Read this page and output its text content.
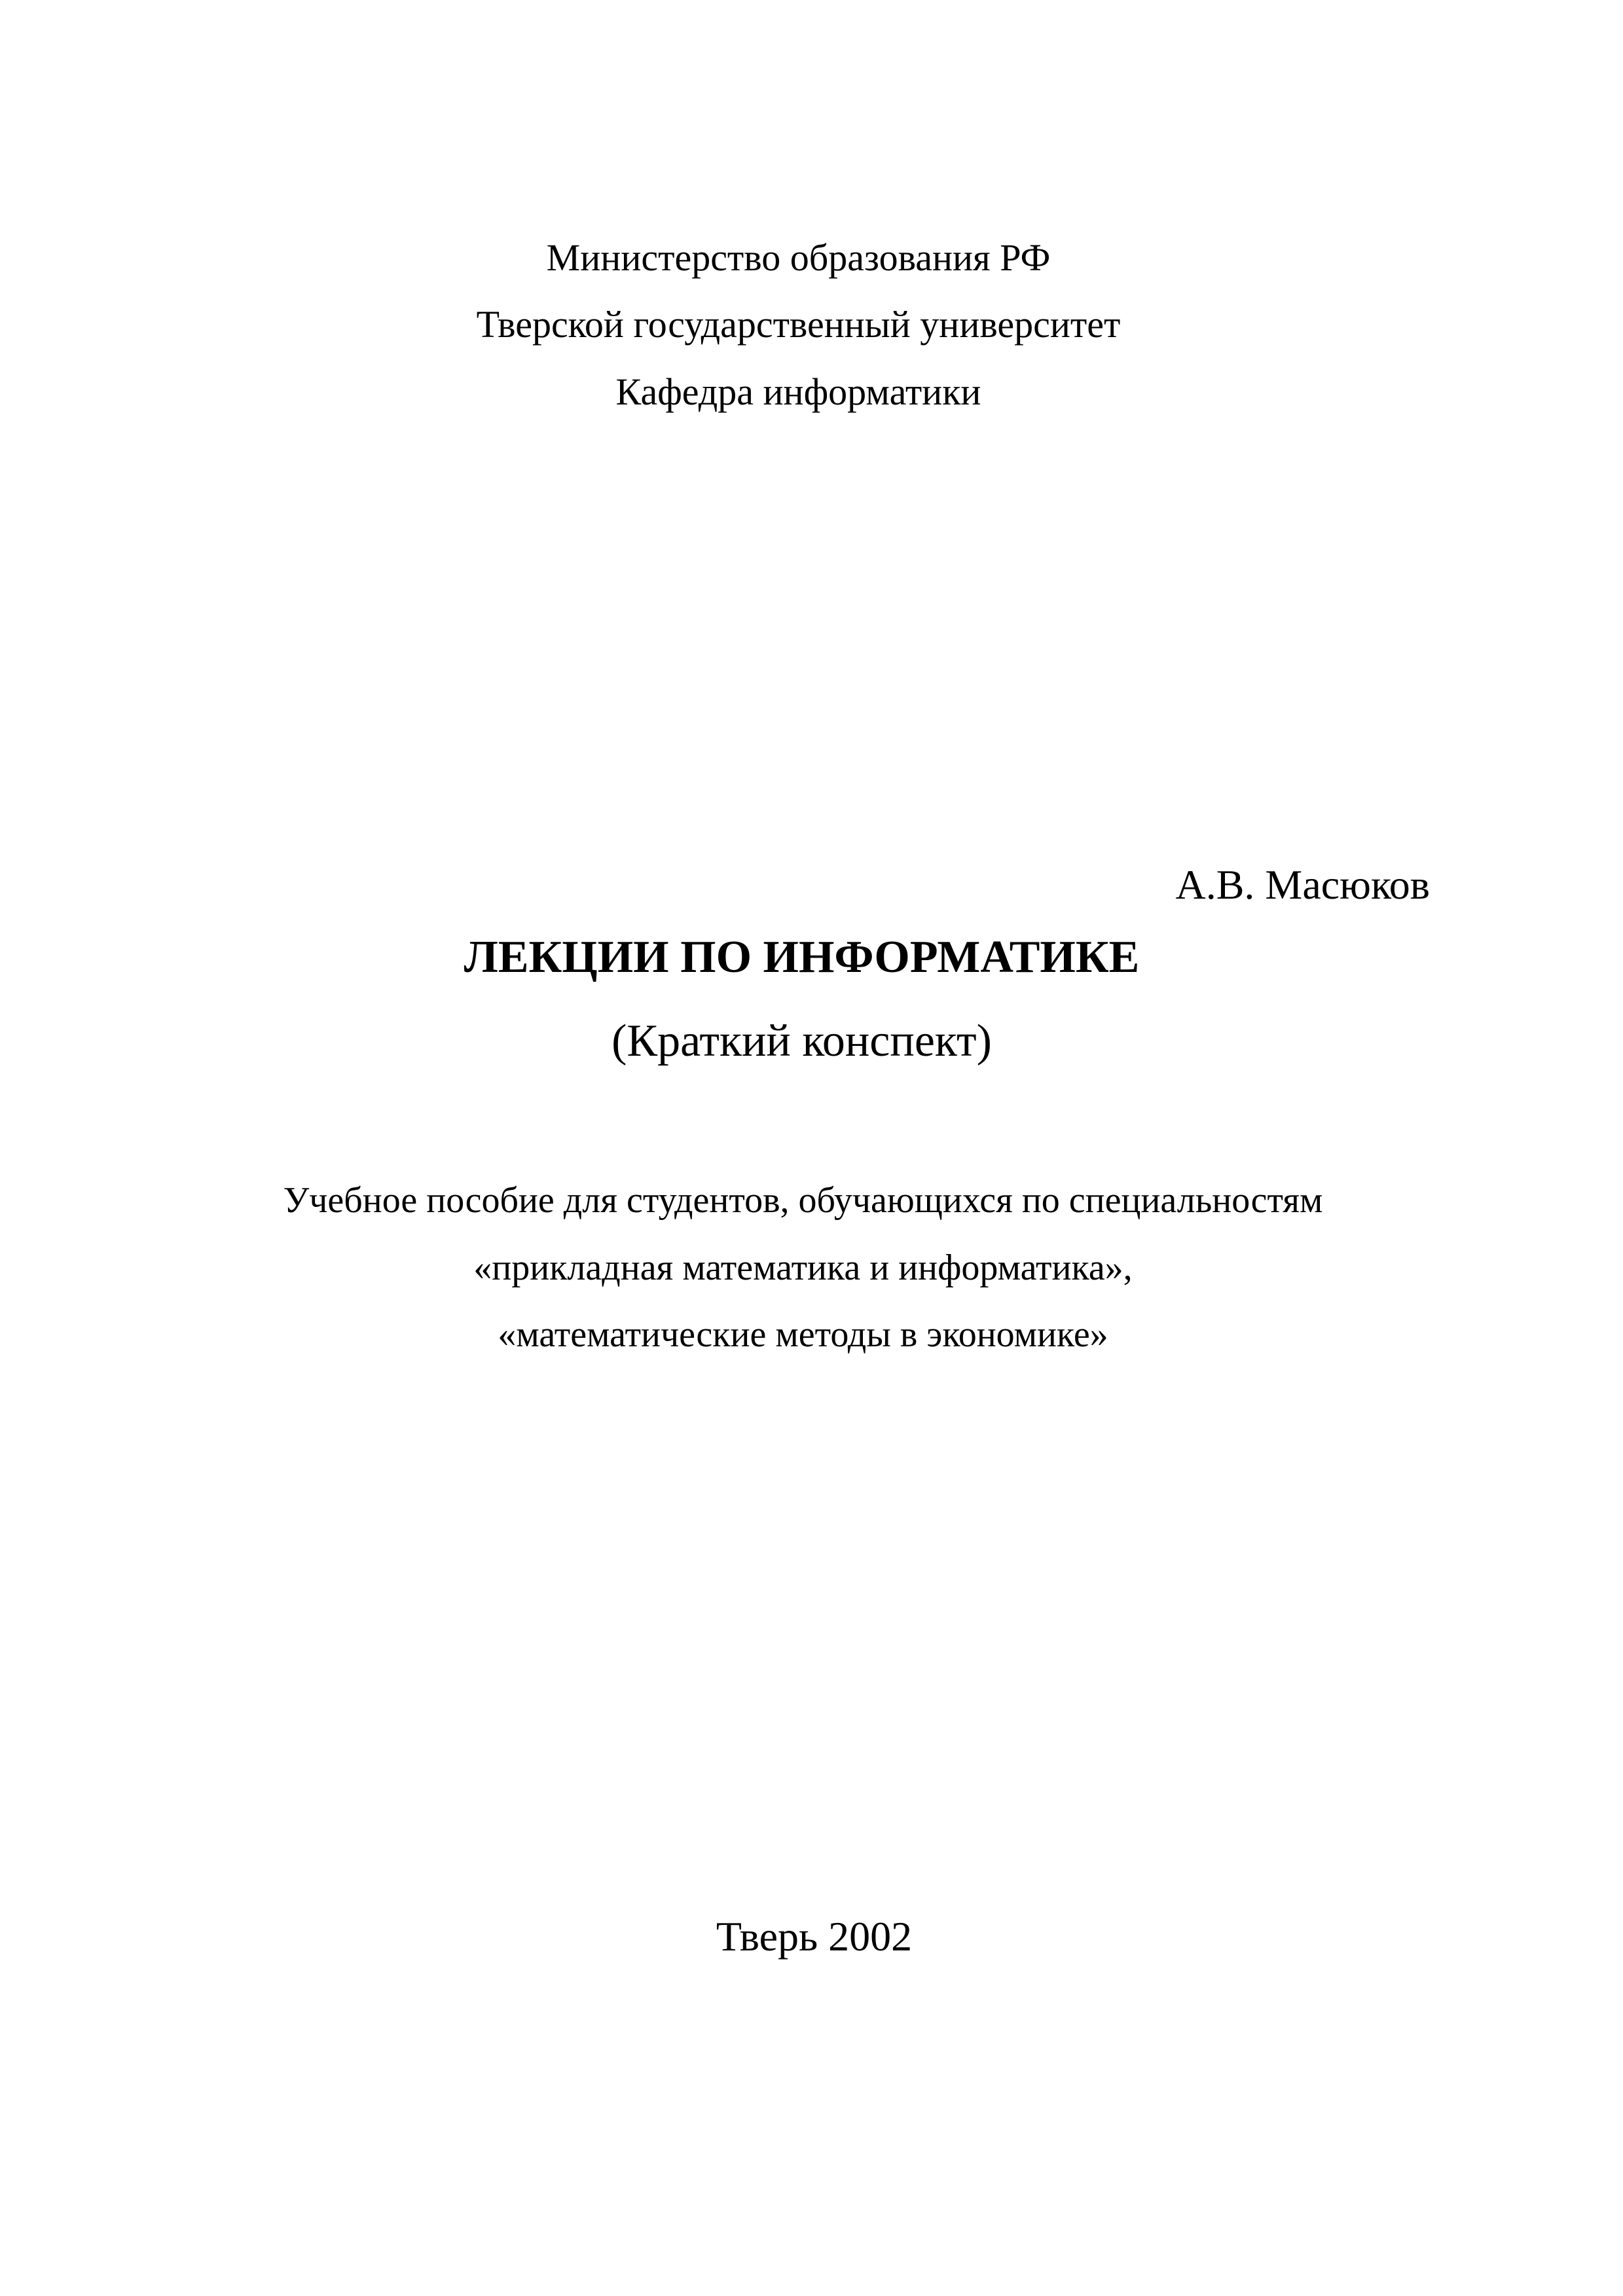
Министерство образования РФ
Тверской государственный университет
Кафедра информатики
А.В. Масюков
ЛЕКЦИИ ПО ИНФОРМАТИКЕ
(Краткий конспект)
Учебное пособие для студентов, обучающихся по специальностям
«прикладная математика и информатика»,
«математические методы в экономике»
Тверь 2002
